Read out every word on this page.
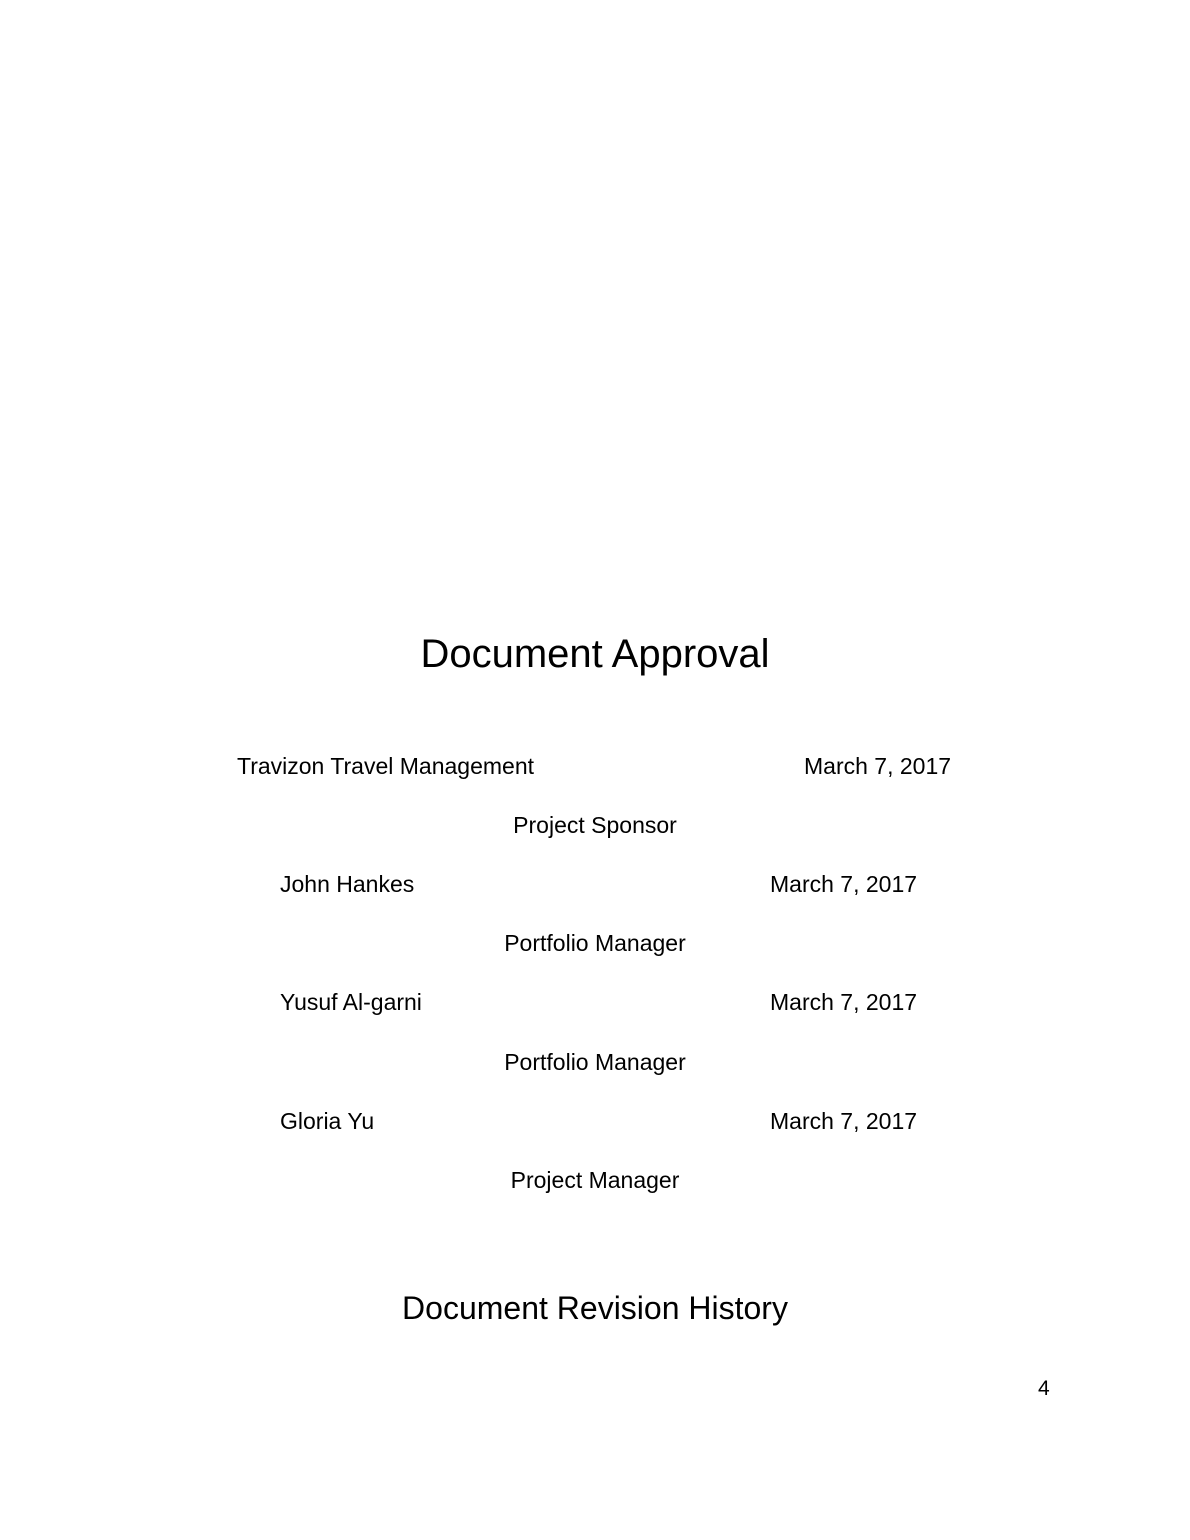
Document Approval
Travizon Travel Management	March 7, 2017
Project Sponsor
John Hankes	March 7, 2017
Portfolio Manager
Yusuf Al-garni	March 7, 2017
Portfolio Manager
Gloria Yu	March 7, 2017
Project Manager
Document Revision History
4
